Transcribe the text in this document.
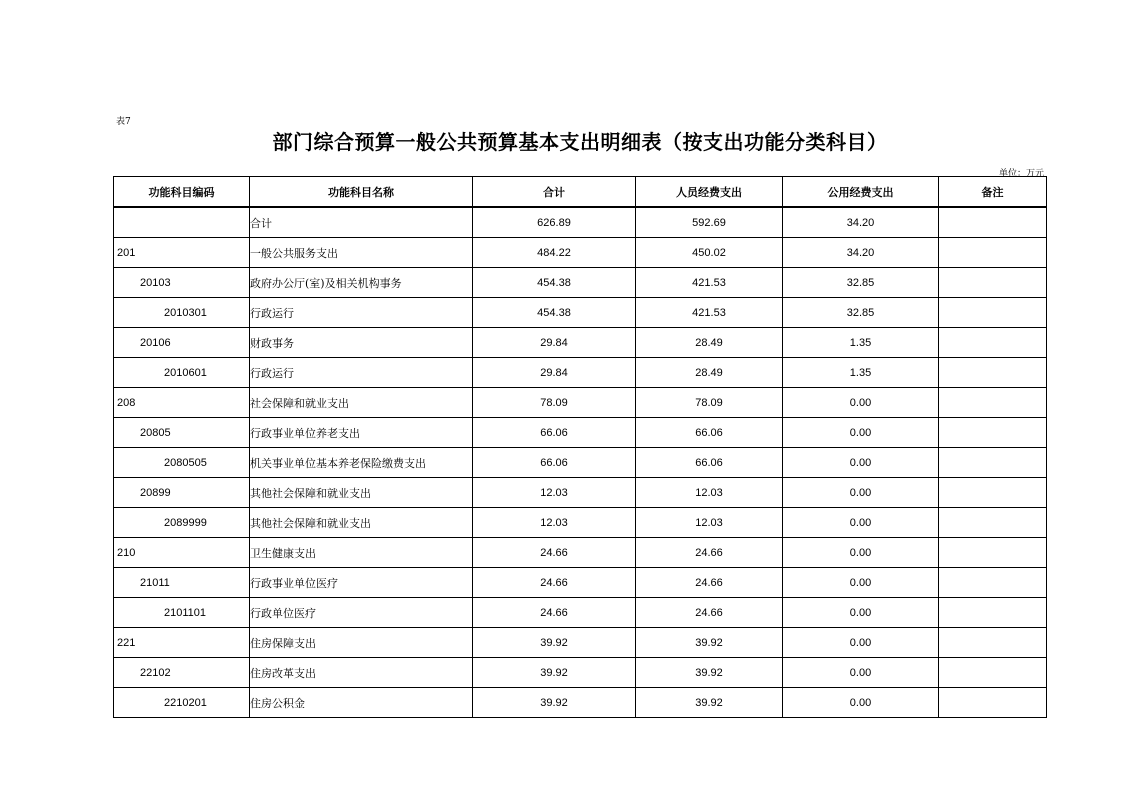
表7
部门综合预算一般公共预算基本支出明细表（按支出功能分类科目）
单位：万元
功能科目编码	功能科目名称	合计	人员经费支出	公用经费支出	备注
	合计	626.89	592.69	34.20	
201	一般公共服务支出	484.22	450.02	34.20	
20103	政府办公厅(室)及相关机构事务	454.38	421.53	32.85	
2010301	行政运行	454.38	421.53	32.85	
20106	财政事务	29.84	28.49	1.35	
2010601	行政运行	29.84	28.49	1.35	
208	社会保障和就业支出	78.09	78.09	0.00	
20805	行政事业单位养老支出	66.06	66.06	0.00	
2080505	机关事业单位基本养老保险缴费支出	66.06	66.06	0.00	
20899	其他社会保障和就业支出	12.03	12.03	0.00	
2089999	其他社会保障和就业支出	12.03	12.03	0.00	
210	卫生健康支出	24.66	24.66	0.00	
21011	行政事业单位医疗	24.66	24.66	0.00	
2101101	行政单位医疗	24.66	24.66	0.00	
221	住房保障支出	39.92	39.92	0.00	
22102	住房改革支出	39.92	39.92	0.00	
2210201	住房公积金	39.92	39.92	0.00	
